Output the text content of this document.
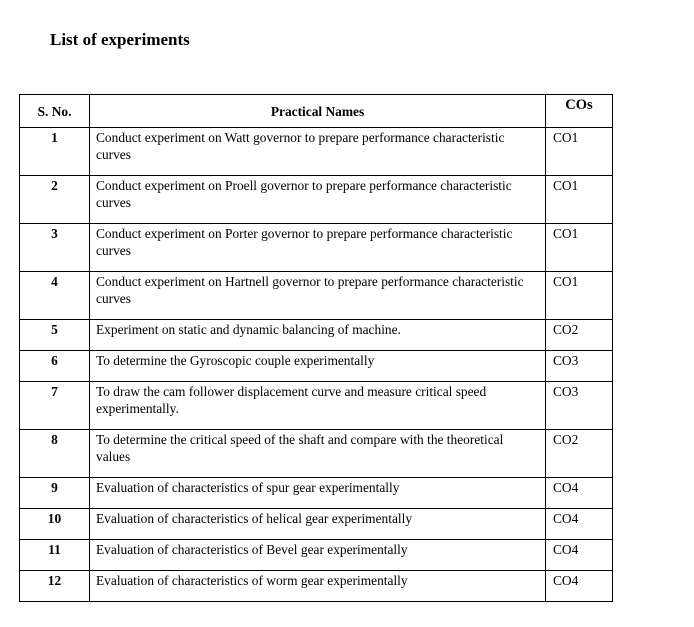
List of experiments
S. No.	Practical Names	COs
1	Conduct experiment on Watt governor to prepare performance characteristic curves	CO1
2	Conduct experiment on Proell governor to prepare performance characteristic curves	CO1
3	Conduct experiment on Porter governor to prepare performance characteristic curves	CO1
4	Conduct experiment on Hartnell governor to prepare performance characteristic curves	CO1
5	Experiment on static and dynamic balancing of machine.	CO2
6	To determine the Gyroscopic couple experimentally	CO3
7	To draw the cam follower displacement curve and measure critical speed experimentally.	CO3
8	To determine the critical speed of the shaft and compare with the theoretical values	CO2
9	Evaluation of characteristics of spur gear experimentally	CO4
10	Evaluation of characteristics of helical gear experimentally	CO4
11	Evaluation of characteristics of Bevel gear experimentally	CO4
12	Evaluation of characteristics of worm gear experimentally	CO4
